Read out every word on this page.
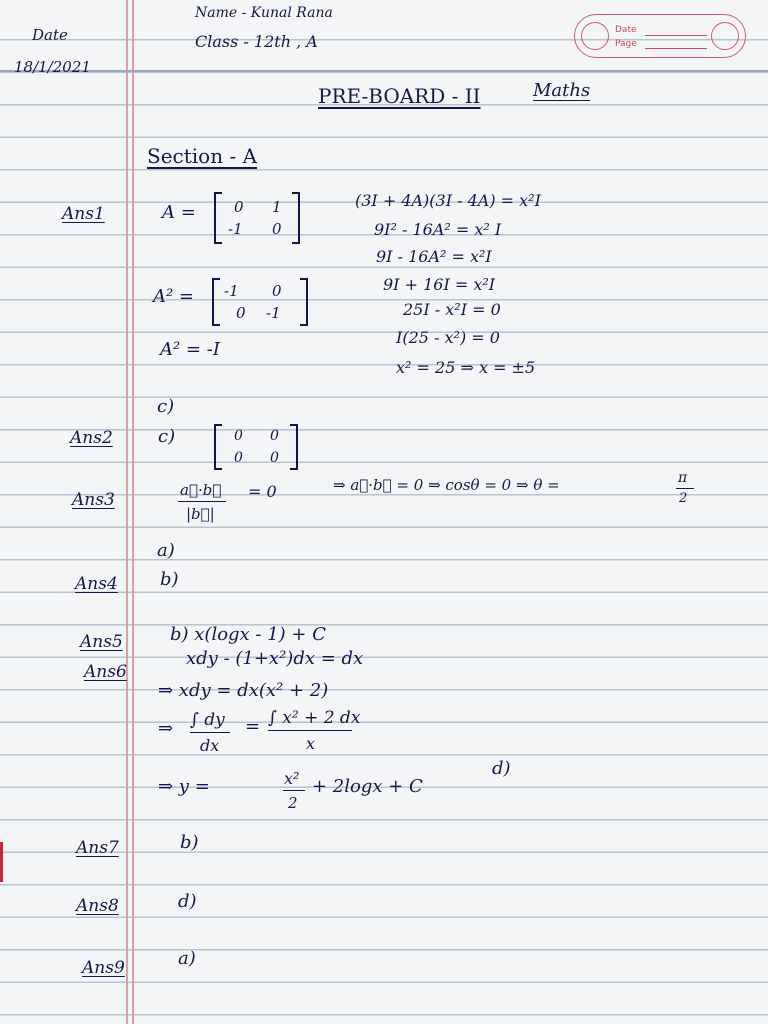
Date
18/1/2021
Name - Kunal Rana
Class - 12th , A
Date
Page
PRE-BOARD - II	Maths
Section - A
Ans1	A =	0 1
-1 0
(3I + 4A)(3I - 4A) = x²I
9I² - 16A² = x² I
9I - 16A² = x²I
9I + 16I = x²I
25I - x²I = 0
I(25 - x²) = 0
x² = 25 ⇒ x = ±5
A² = -1 0
0 -1
A² = -I
c)
Ans2	c)	0 0
0 0
Ans3	a⃗·b⃗
|b⃗|
= 0	⇒ a⃗·b⃗ = 0 ⇒ cosθ = 0 ⇒ θ =	π
2
a)
Ans4 b)
Ans5	b) x(logx - 1) + C
Ans6
xdy - (1+x²)dx = dx
⇒ xdy = dx(x² + 2)
⇒ ∫ dy
dx
= ∫ x² + 2 dx
x
⇒ y =	x²
2
+ 2logx + C
d)
Ans7	b)
Ans8	d)
Ans9	a)
